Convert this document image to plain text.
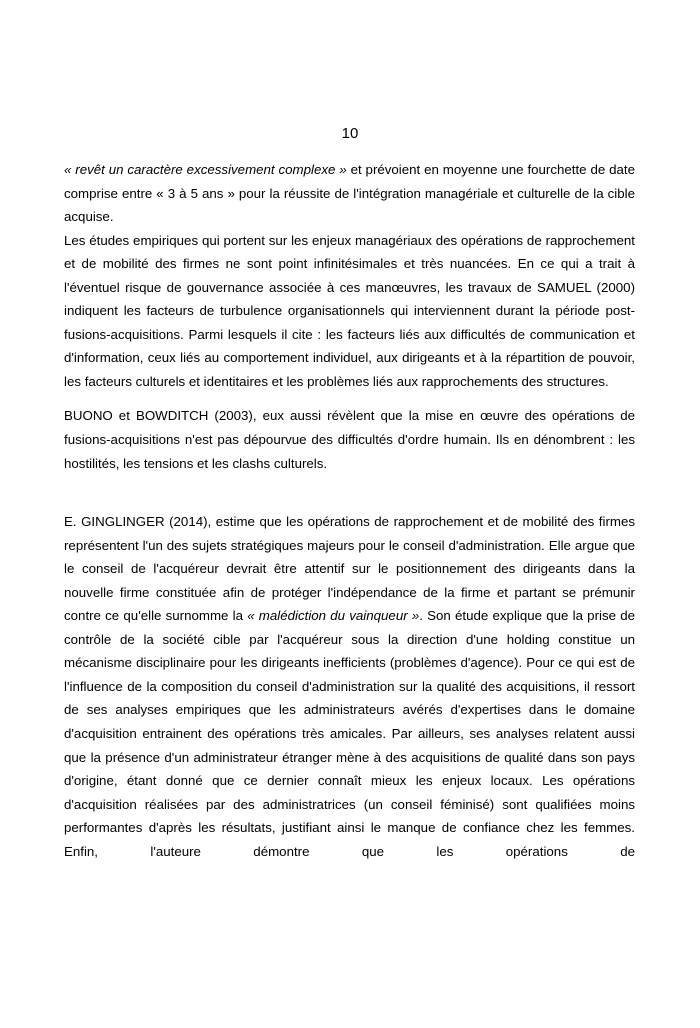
10

« revêt un caractère excessivement complexe » et prévoient en moyenne une fourchette de date comprise entre « 3 à 5 ans » pour la réussite de l'intégration managériale et culturelle de la cible acquise.

Les études empiriques qui portent sur les enjeux managériaux des opérations de rapprochement et de mobilité des firmes ne sont point infinitésimales et très nuancées. En ce qui a trait à l'éventuel risque de gouvernance associée à ces manœuvres, les travaux de SAMUEL (2000) indiquent les facteurs de turbulence organisationnels qui interviennent durant la période post-fusions-acquisitions. Parmi lesquels il cite : les facteurs liés aux difficultés de communication et d'information, ceux liés au comportement individuel, aux dirigeants et à la répartition de pouvoir, les facteurs culturels et identitaires et les problèmes liés aux rapprochements des structures.

BUONO et BOWDITCH (2003), eux aussi révèlent que la mise en œuvre des opérations de fusions-acquisitions n'est pas dépourvue des difficultés d'ordre humain. Ils en dénombrent : les hostilités, les tensions et les clashs culturels.

E. GINGLINGER (2014), estime que les opérations de rapprochement et de mobilité des firmes représentent l'un des sujets stratégiques majeurs pour le conseil d'administration. Elle argue que le conseil de l'acquéreur devrait être attentif sur le positionnement des dirigeants dans la nouvelle firme constituée afin de protéger l'indépendance de la firme et partant se prémunir contre ce qu'elle surnomme la « malédiction du vainqueur ». Son étude explique que la prise de contrôle de la société cible par l'acquéreur sous la direction d'une holding constitue un mécanisme disciplinaire pour les dirigeants inefficients (problèmes d'agence). Pour ce qui est de l'influence de la composition du conseil d'administration sur la qualité des acquisitions, il ressort de ses analyses empiriques que les administrateurs avérés d'expertises dans le domaine d'acquisition entrainent des opérations très amicales. Par ailleurs, ses analyses relatent aussi que la présence d'un administrateur étranger mène à des acquisitions de qualité dans son pays d'origine, étant donné que ce dernier connaît mieux les enjeux locaux. Les opérations d'acquisition réalisées par des administratrices (un conseil féminisé) sont qualifiées moins performantes d'après les résultats, justifiant ainsi le manque de confiance chez les femmes. Enfin, l'auteure démontre que les opérations de
